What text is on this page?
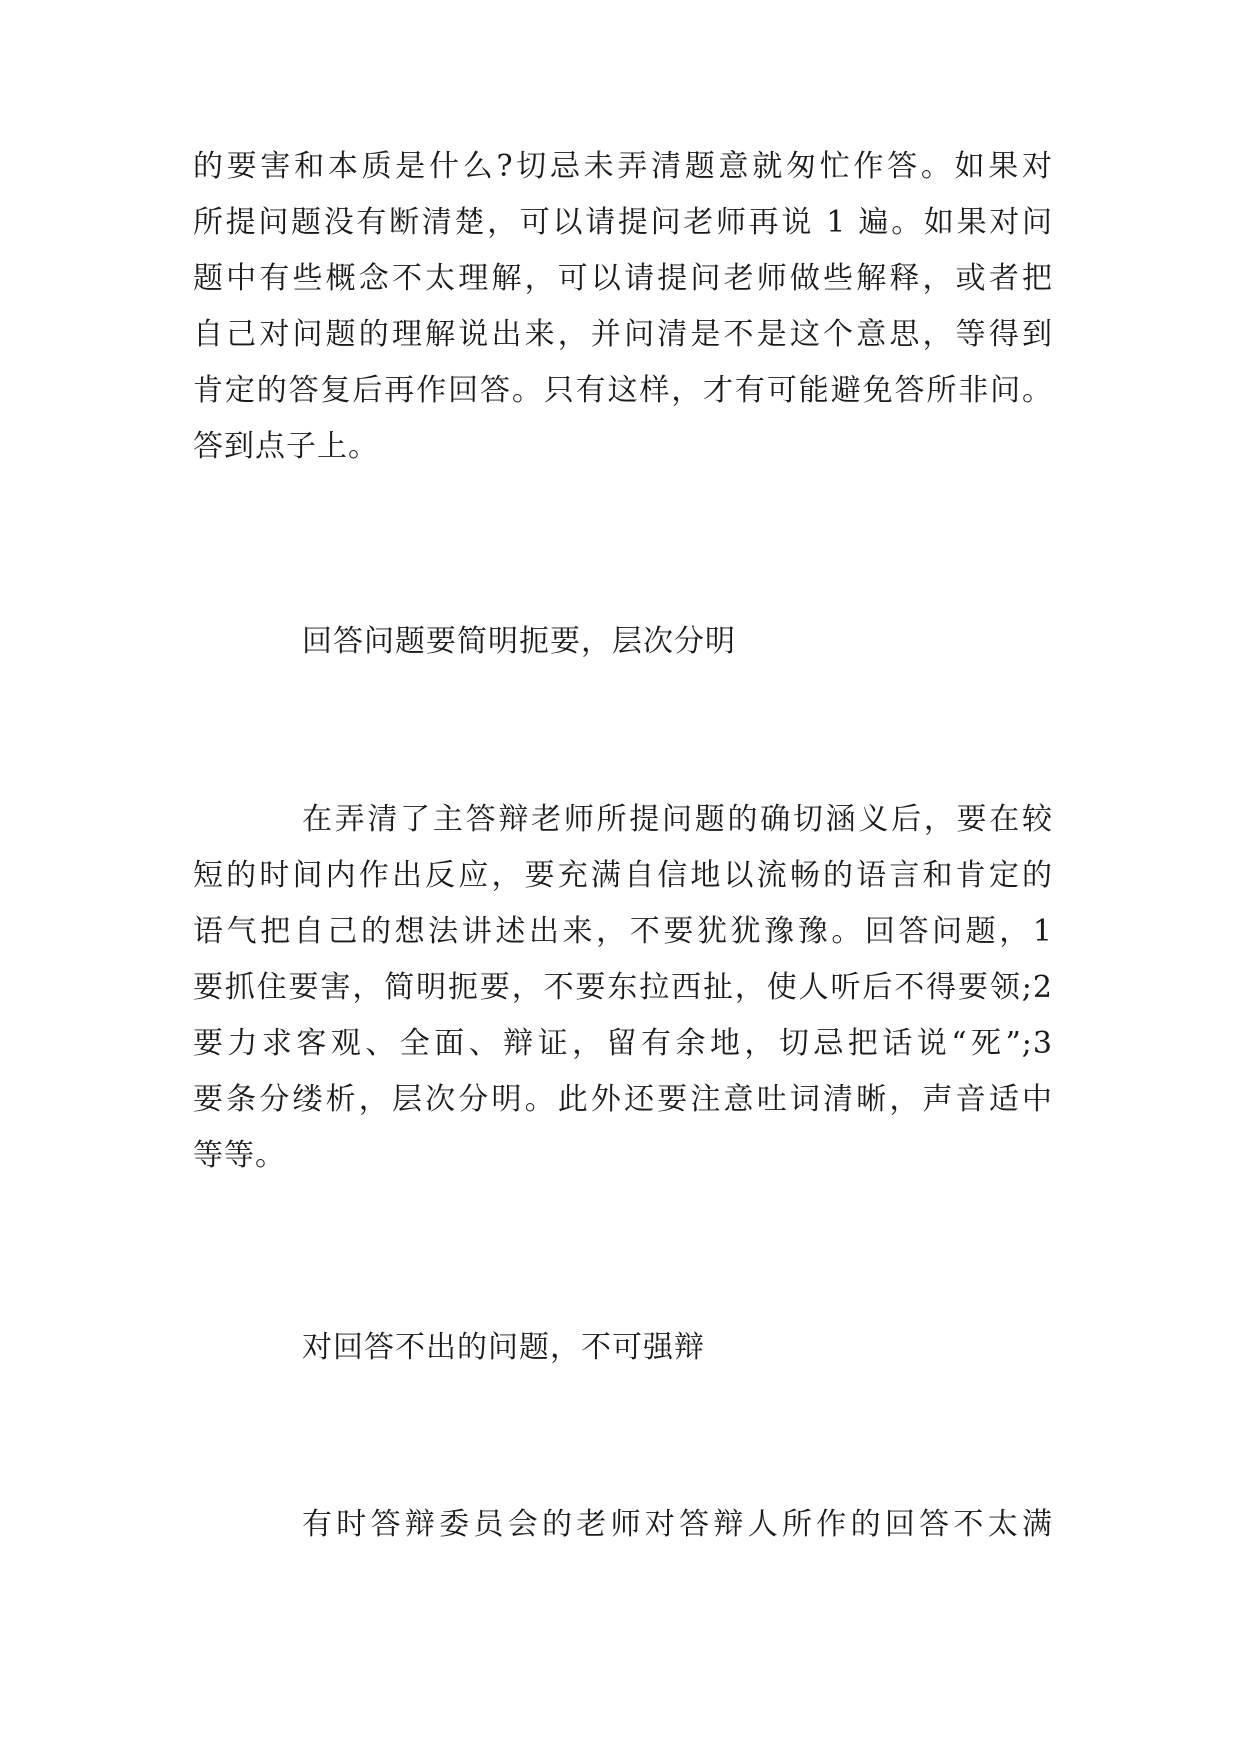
的要害和本质是什么?切忌未弄清题意就匆忙作答。如果对
所提问题没有断清楚，可以请提问老师再说 1 遍。如果对问
题中有些概念不太理解，可以请提问老师做些解释，或者把
自己对问题的理解说出来，并问清是不是这个意思，等得到
肯定的答复后再作回答。只有这样，才有可能避免答所非问。
答到点子上。
回答问题要简明扼要，层次分明
在弄清了主答辩老师所提问题的确切涵义后，要在较
短的时间内作出反应，要充满自信地以流畅的语言和肯定的
语气把自己的想法讲述出来，不要犹犹豫豫。回答问题，1
要抓住要害，简明扼要，不要东拉西扯，使人听后不得要领;2
要力求客观、全面、辩证，留有余地，切忌把话说“死”;3
要条分缕析，层次分明。此外还要注意吐词清晰，声音适中
等等。
对回答不出的问题，不可强辩
有时答辩委员会的老师对答辩人所作的回答不太满
